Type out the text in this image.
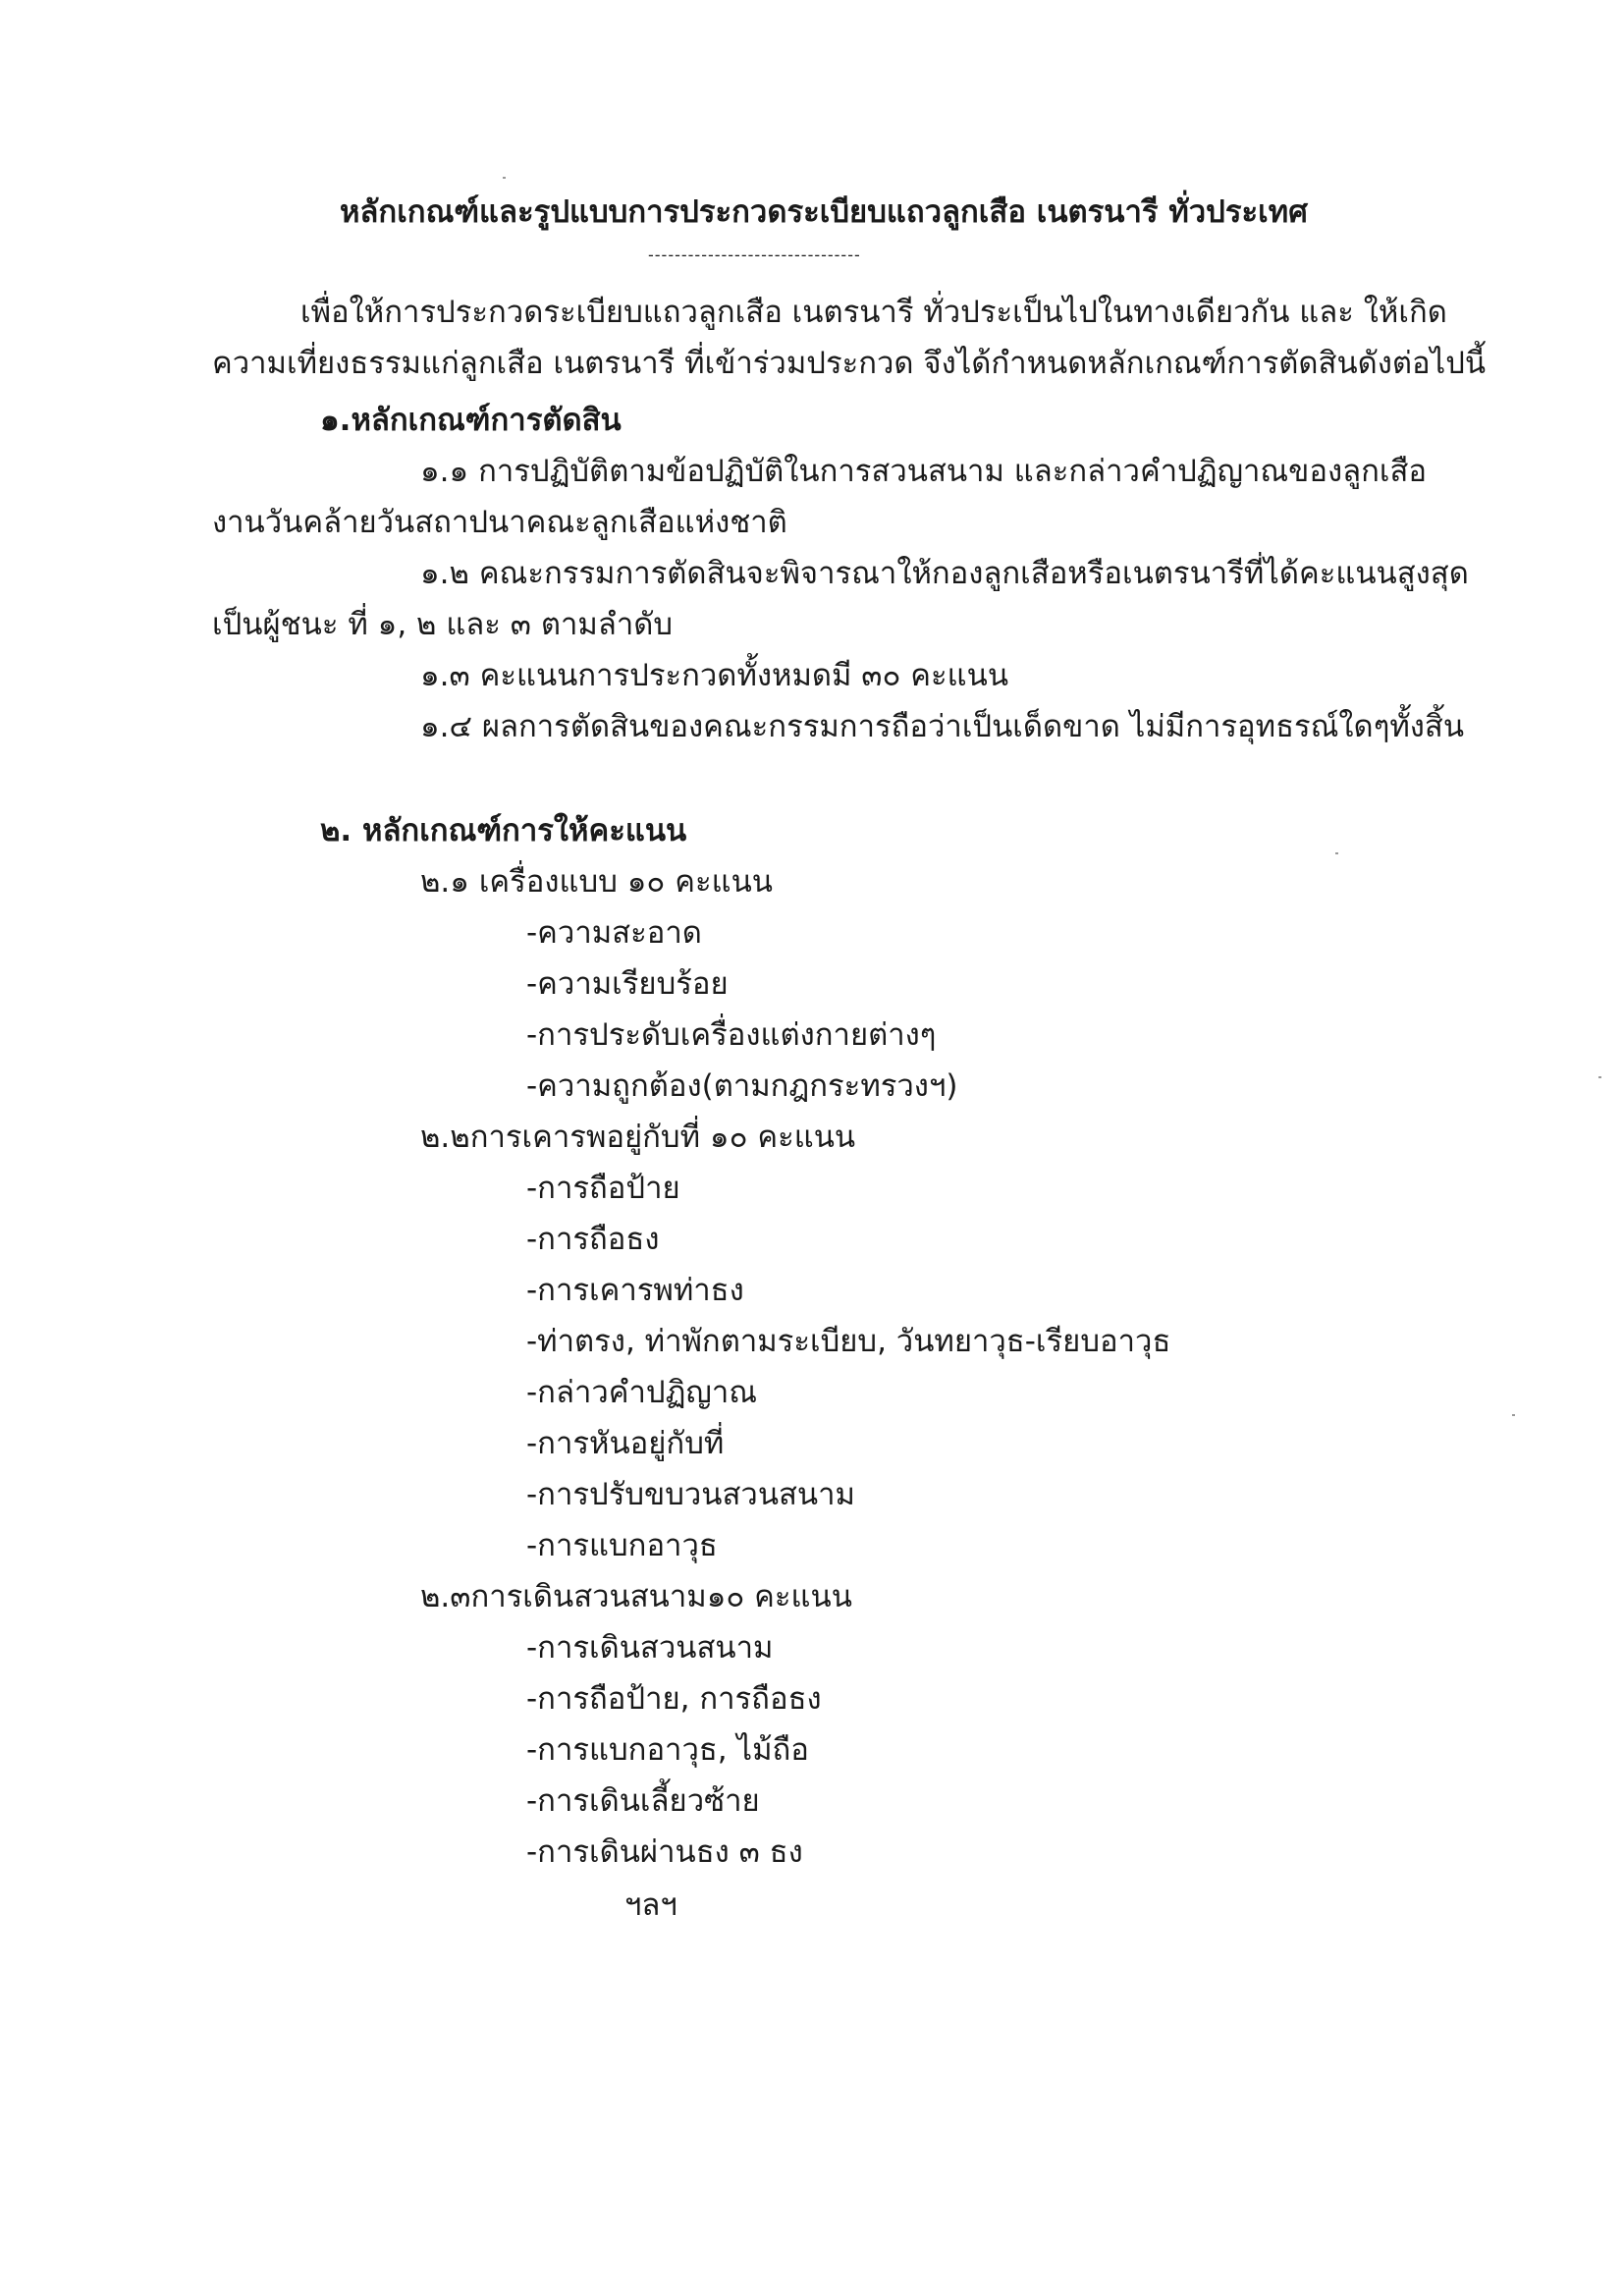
หลักเกณฑ์และรูปแบบการประกวดระเบียบแถวลูกเสือ เนตรนารี ทั่วประเทศ
--------------------------------
เพื่อให้การประกวดระเบียบแถวลูกเสือ เนตรนารี ทั่วประเป็นไปในทางเดียวกัน และ ให้เกิด
ความเที่ยงธรรมแก่ลูกเสือ เนตรนารี ที่เข้าร่วมประกวด จึงได้กำหนดหลักเกณฑ์การตัดสินดังต่อไปนี้
๑.หลักเกณฑ์การตัดสิน
๑.๑ การปฏิบัติตามข้อปฏิบัติในการสวนสนาม และกล่าวคำปฏิญาณของลูกเสือ
งานวันคล้ายวันสถาปนาคณะลูกเสือแห่งชาติ
๑.๒ คณะกรรมการตัดสินจะพิจารณาให้กองลูกเสือหรือเนตรนารีที่ได้คะแนนสูงสุด
เป็นผู้ชนะ ที่ ๑, ๒ และ ๓ ตามลำดับ
๑.๓ คะแนนการประกวดทั้งหมดมี ๓๐ คะแนน
๑.๔ ผลการตัดสินของคณะกรรมการถือว่าเป็นเด็ดขาด ไม่มีการอุทธรณ์ใดๆทั้งสิ้น
๒. หลักเกณฑ์การให้คะแนน
๒.๑ เครื่องแบบ ๑๐ คะแนน
-ความสะอาด
-ความเรียบร้อย
-การประดับเครื่องแต่งกายต่างๆ
-ความถูกต้อง(ตามกฎกระทรวงฯ)
๒.๒การเคารพอยู่กับที่ ๑๐ คะแนน
-การถือป้าย
-การถือธง
-การเคารพท่าธง
-ท่าตรง, ท่าพักตามระเบียบ, วันทยาวุธ-เรียบอาวุธ
-กล่าวคำปฏิญาณ
-การหันอยู่กับที่
-การปรับขบวนสวนสนาม
-การแบกอาวุธ
๒.๓การเดินสวนสนาม๑๐ คะแนน
-การเดินสวนสนาม
-การถือป้าย, การถือธง
-การแบกอาวุธ, ไม้ถือ
-การเดินเลี้ยวซ้าย
-การเดินผ่านธง ๓ ธง
ฯลฯ
